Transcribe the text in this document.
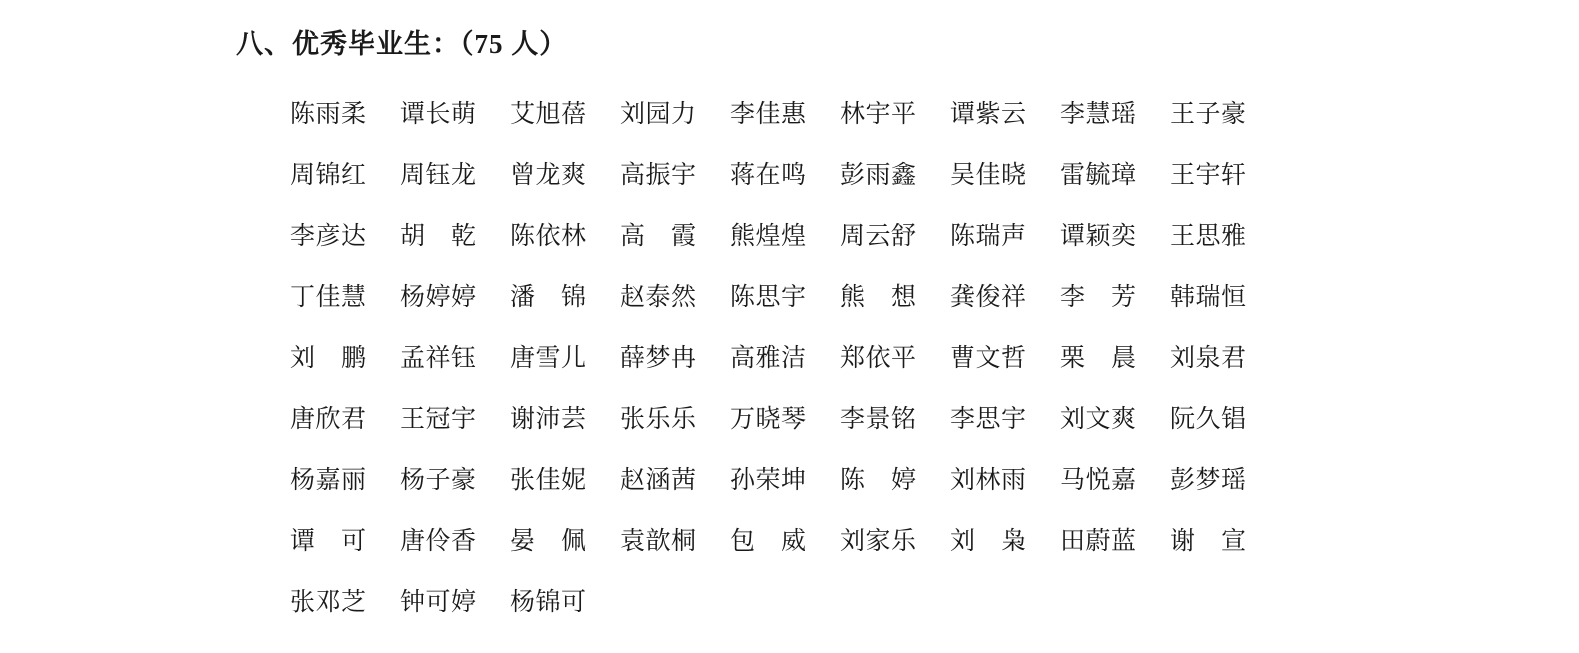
八、优秀毕业生：（75 人）
陈雨柔	谭长萌	艾旭蓓	刘园力	李佳惠	林宇平	谭紫云	李慧瑶	王子豪
周锦红	周钰龙	曾龙爽	高振宇	蒋在鸣	彭雨鑫	吴佳晓	雷毓璋	王宇轩
李彦达	胡　乾	陈依林	高　霞	熊煌煌	周云舒	陈瑞声	谭颖奕	王思雅
丁佳慧	杨婷婷	潘　锦	赵泰然	陈思宇	熊　想	龚俊祥	李　芳	韩瑞恒
刘　鹏	孟祥钰	唐雪儿	薛梦冉	高雅洁	郑依平	曹文哲	栗　晨	刘泉君
唐欣君	王冠宇	谢沛芸	张乐乐	万晓琴	李景铭	李思宇	刘文爽	阮久锠
杨嘉丽	杨子豪	张佳妮	赵涵茜	孙荣坤	陈　婷	刘林雨	马悦嘉	彭梦瑶
谭　可	唐伶香	晏　佩	袁歆桐	包　威	刘家乐	刘　枭	田蔚蓝	谢　宣
张邓芝	钟可婷	杨锦可
